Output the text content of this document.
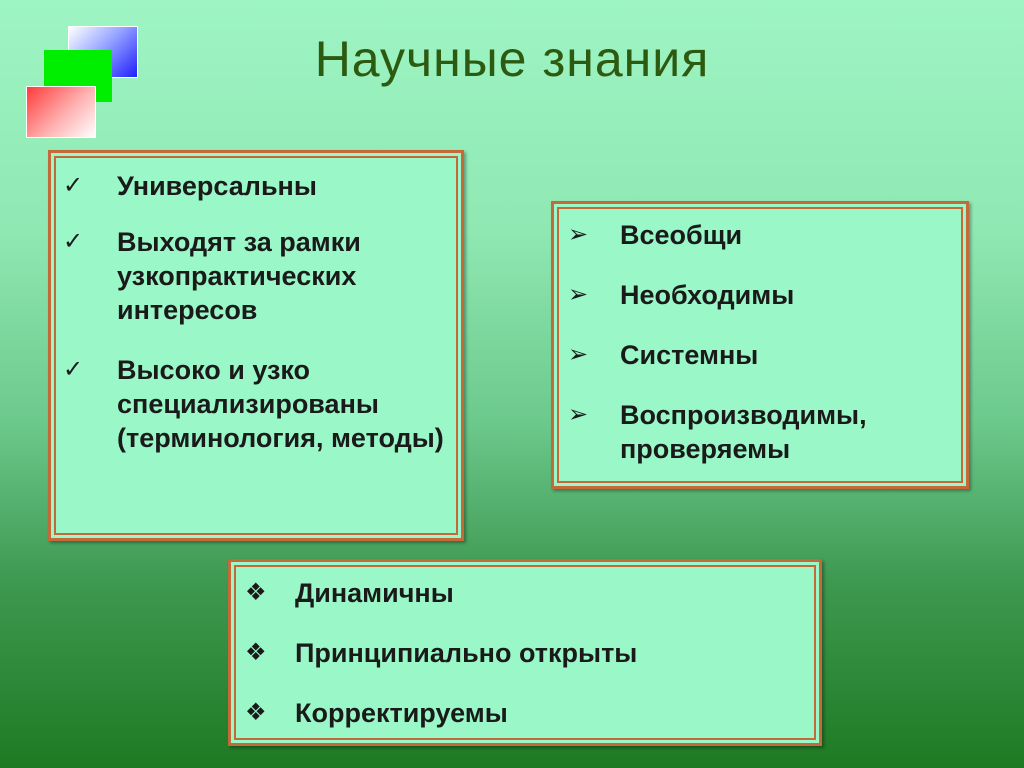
Научные знания
✓ Универсальны
✓ Выходят за рамки узкопрактических интересов
✓ Высоко и узко специализированы (терминология, методы)
➢ Всеобщи
➢ Необходимы
➢ Системны
➢ Воспроизводимы, проверяемы
❖ Динамичны
❖ Принципиально открыты
❖ Корректируемы
